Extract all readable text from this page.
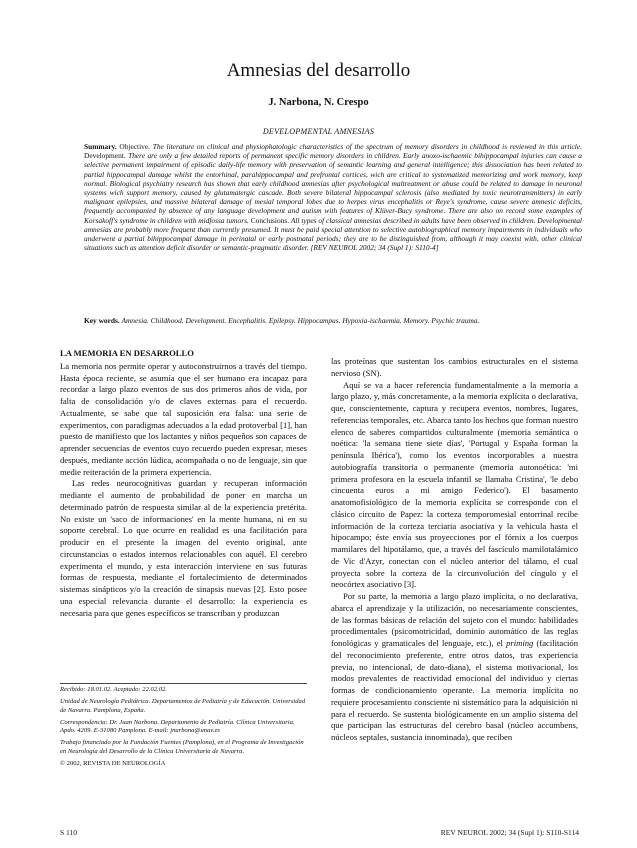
Amnesias del desarrollo
J. Narbona, N. Crespo
DEVELOPMENTAL AMNESIAS
Summary. Objective. The literature on clinical and physiophatologic characteristics of the spectrum of memory disorders in childhood is reviewed in this article. Development. There are only a few detailed reports of permanent specific memory disorders in children. Early anoxo-ischaemic bihippocampal injuries can cause a selective permanent impairment of episodic daily-life memory with preservation of semantic learning and general intelligence; this dissociation has been related to partial hippocampal damage whilst the entorhinal, parahippocampal and prefrontal cortices, wich are critical to systematized memorizing and work memory, keep normal. Biological psychiatry research has shown that early childhood amnesias after psychological maltreatment or abuse could be related to damage in neuronal systems wich support memory, caused by glutamatergic cascade. Both severe bilateral hippocampal sclerosis (also mediated by toxic neurotransmitters) in early malignant epilepsies, and massive bilateral damage of mesial temporal lobes due to herpes virus encephalitis or Reye's syndrome, cause severe amnesic deficits, frequently accompanied by absence of any language development and autism with features of Klüver-Bucy syndrome. There are also on record some examples of Korsakoff's syndrome in children with midfossa tumors. Conclusions. All types of classical amnesias described in adults have been observed in children. Developmental amnesias are probably more frequent than currently presumed. It must be paid special attention to selective autobiographical memory impairments in individuals who underwent a partial bihippocampal damage in perinatal or early postnatal periods; they are to be distinguished from, although it may coexist with, other clinical situations such as attention deficit disorder or semantic-pragmatic disorder. [REV NEUROL 2002; 34 (Supl 1): S110-4]
Key words. Amnesia. Childhood. Development. Encephalitis. Epilepsy. Hippocampus. Hypoxia-ischaemia. Memory. Psychic trauma.
LA MEMORIA EN DESARROLLO

La memoria nos permite operar y autoconstruirnos a través del tiempo. Hasta época reciente, se asumía que el ser humano era incapaz para recordar a largo plazo eventos de sus dos primeros años de vida, por falta de consolidación y/o de claves externas para el recuerdo. Actualmente, se sabe que tal suposición era falsa: una serie de experimentos, con paradigmas adecuados a la edad protoverbal [1], han puesto de manifiesto que los lactantes y niños pequeños son capaces de aprender secuencias de eventos cuyo recuerdo pueden expresar, meses después, mediante acción lúdica, acompañada o no de lenguaje, sin que medie reiteración de la primera experiencia.

Las redes neurocognitivas guardan y recuperan información mediante el aumento de probabilidad de poner en marcha un determinado patrón de respuesta similar al de la experiencia pretérita. No existe un 'saco de informaciones' en la mente humana, ni en su soporte cerebral. Lo que ocurre en realidad es una facilitación para producir en el presente la imagen del evento original, ante circunstancias o estados internos relacionables con aquél. El cerebro experimenta el mundo, y esta interacción interviene en sus futuras formas de respuesta, mediante el fortalecimiento de determinados sistemas sinápticos y/o la creación de sinapsis nuevas [2]. Esto posee una especial relevancia durante el desarrollo: la experiencia es necesaria para que genes específicos se transcriban y produzcan

las proteínas que sustentan los cambios estructurales en el sistema nervioso (SN).

Aquí se va a hacer referencia fundamentalmente a la memoria a largo plazo, y, más concretamente, a la memoria explícita o declarativa, que, conscientemente, captura y recupera eventos, nombres, lugares, referencias temporales, etc. Abarca tanto los hechos que forman nuestro elenco de saberes compartidos culturalmente (memoria semántica o noética: 'la semana tiene siete días', 'Portugal y España forman la península Ibérica'), como los eventos incorporables a nuestra autobiografía transitoria o permanente (memoria autonoética: 'mi primera profesora en la escuela infantil se llamaba Cristina', 'le debo cincuenta euros a mi amigo Federico'). El basamento anatomofisiológico de la memoria explícita se corresponde con el clásico circuito de Papez: la corteza temporomesial entorrinal recibe información de la corteza terciaria asociativa y la vehicula hasta el hipocampo; éste envía sus proyecciones por el fórnix a los cuerpos mamilares del hipotálamo, que, a través del fascículo mamilotalámico de Vic d'Azyr, conectan con el núcleo anterior del tálamo, el cual proyecta sobre la corteza de la circunvolución del cíngulo y el neocórtex asociativo [3].

Por su parte, la memoria a largo plazo implícita, o no declarativa, abarca el aprendizaje y la utilización, no necesariamente conscientes, de las formas básicas de relación del sujeto con el mundo: habilidades procedimentales (psicomotricidad, dominio automático de las reglas fonológicas y gramaticales del lenguaje, etc.), el priming (facilitación del reconocimiento preferente, entre otros datos, tras experiencia previa, no intencional, de dato-diana), el sistema motivacional, los modos prevalentes de reactividad emocional del individuo y ciertas formas de condicionamiento operante. La memoria implícita no requiere procesamiento consciente ni sistemático para la adquisición ni para el recuerdo. Se sustenta biológicamente en un amplio sistema del que participan las estructuras del cerebro basal (núcleo accumbens, núcleos septales, sustancia innominada), que reciben

Recibido: 18.01.02. Aceptado: 22.02.02.

Unidad de Neurología Pediátrica. Departamentos de Pediatría y de Educación. Universidad de Navarra. Pamplona, España.

Correspondencia: Dr. Juan Narbona. Departamento de Pediatría. Clínica Universitaria. Apdo. 4209. E-31080 Pamplona. E-mail: jnarbona@unav.es

Trabajo financiado por la Fundación Fuentes (Pamplona), en el Programa de Investigación en Neurología del Desarrollo de la Clínica Universitaria de Navarra.

© 2002, REVISTA DE NEUROLOGÍA

S 110	REV NEUROL 2002; 34 (Supl 1): S110-S114
